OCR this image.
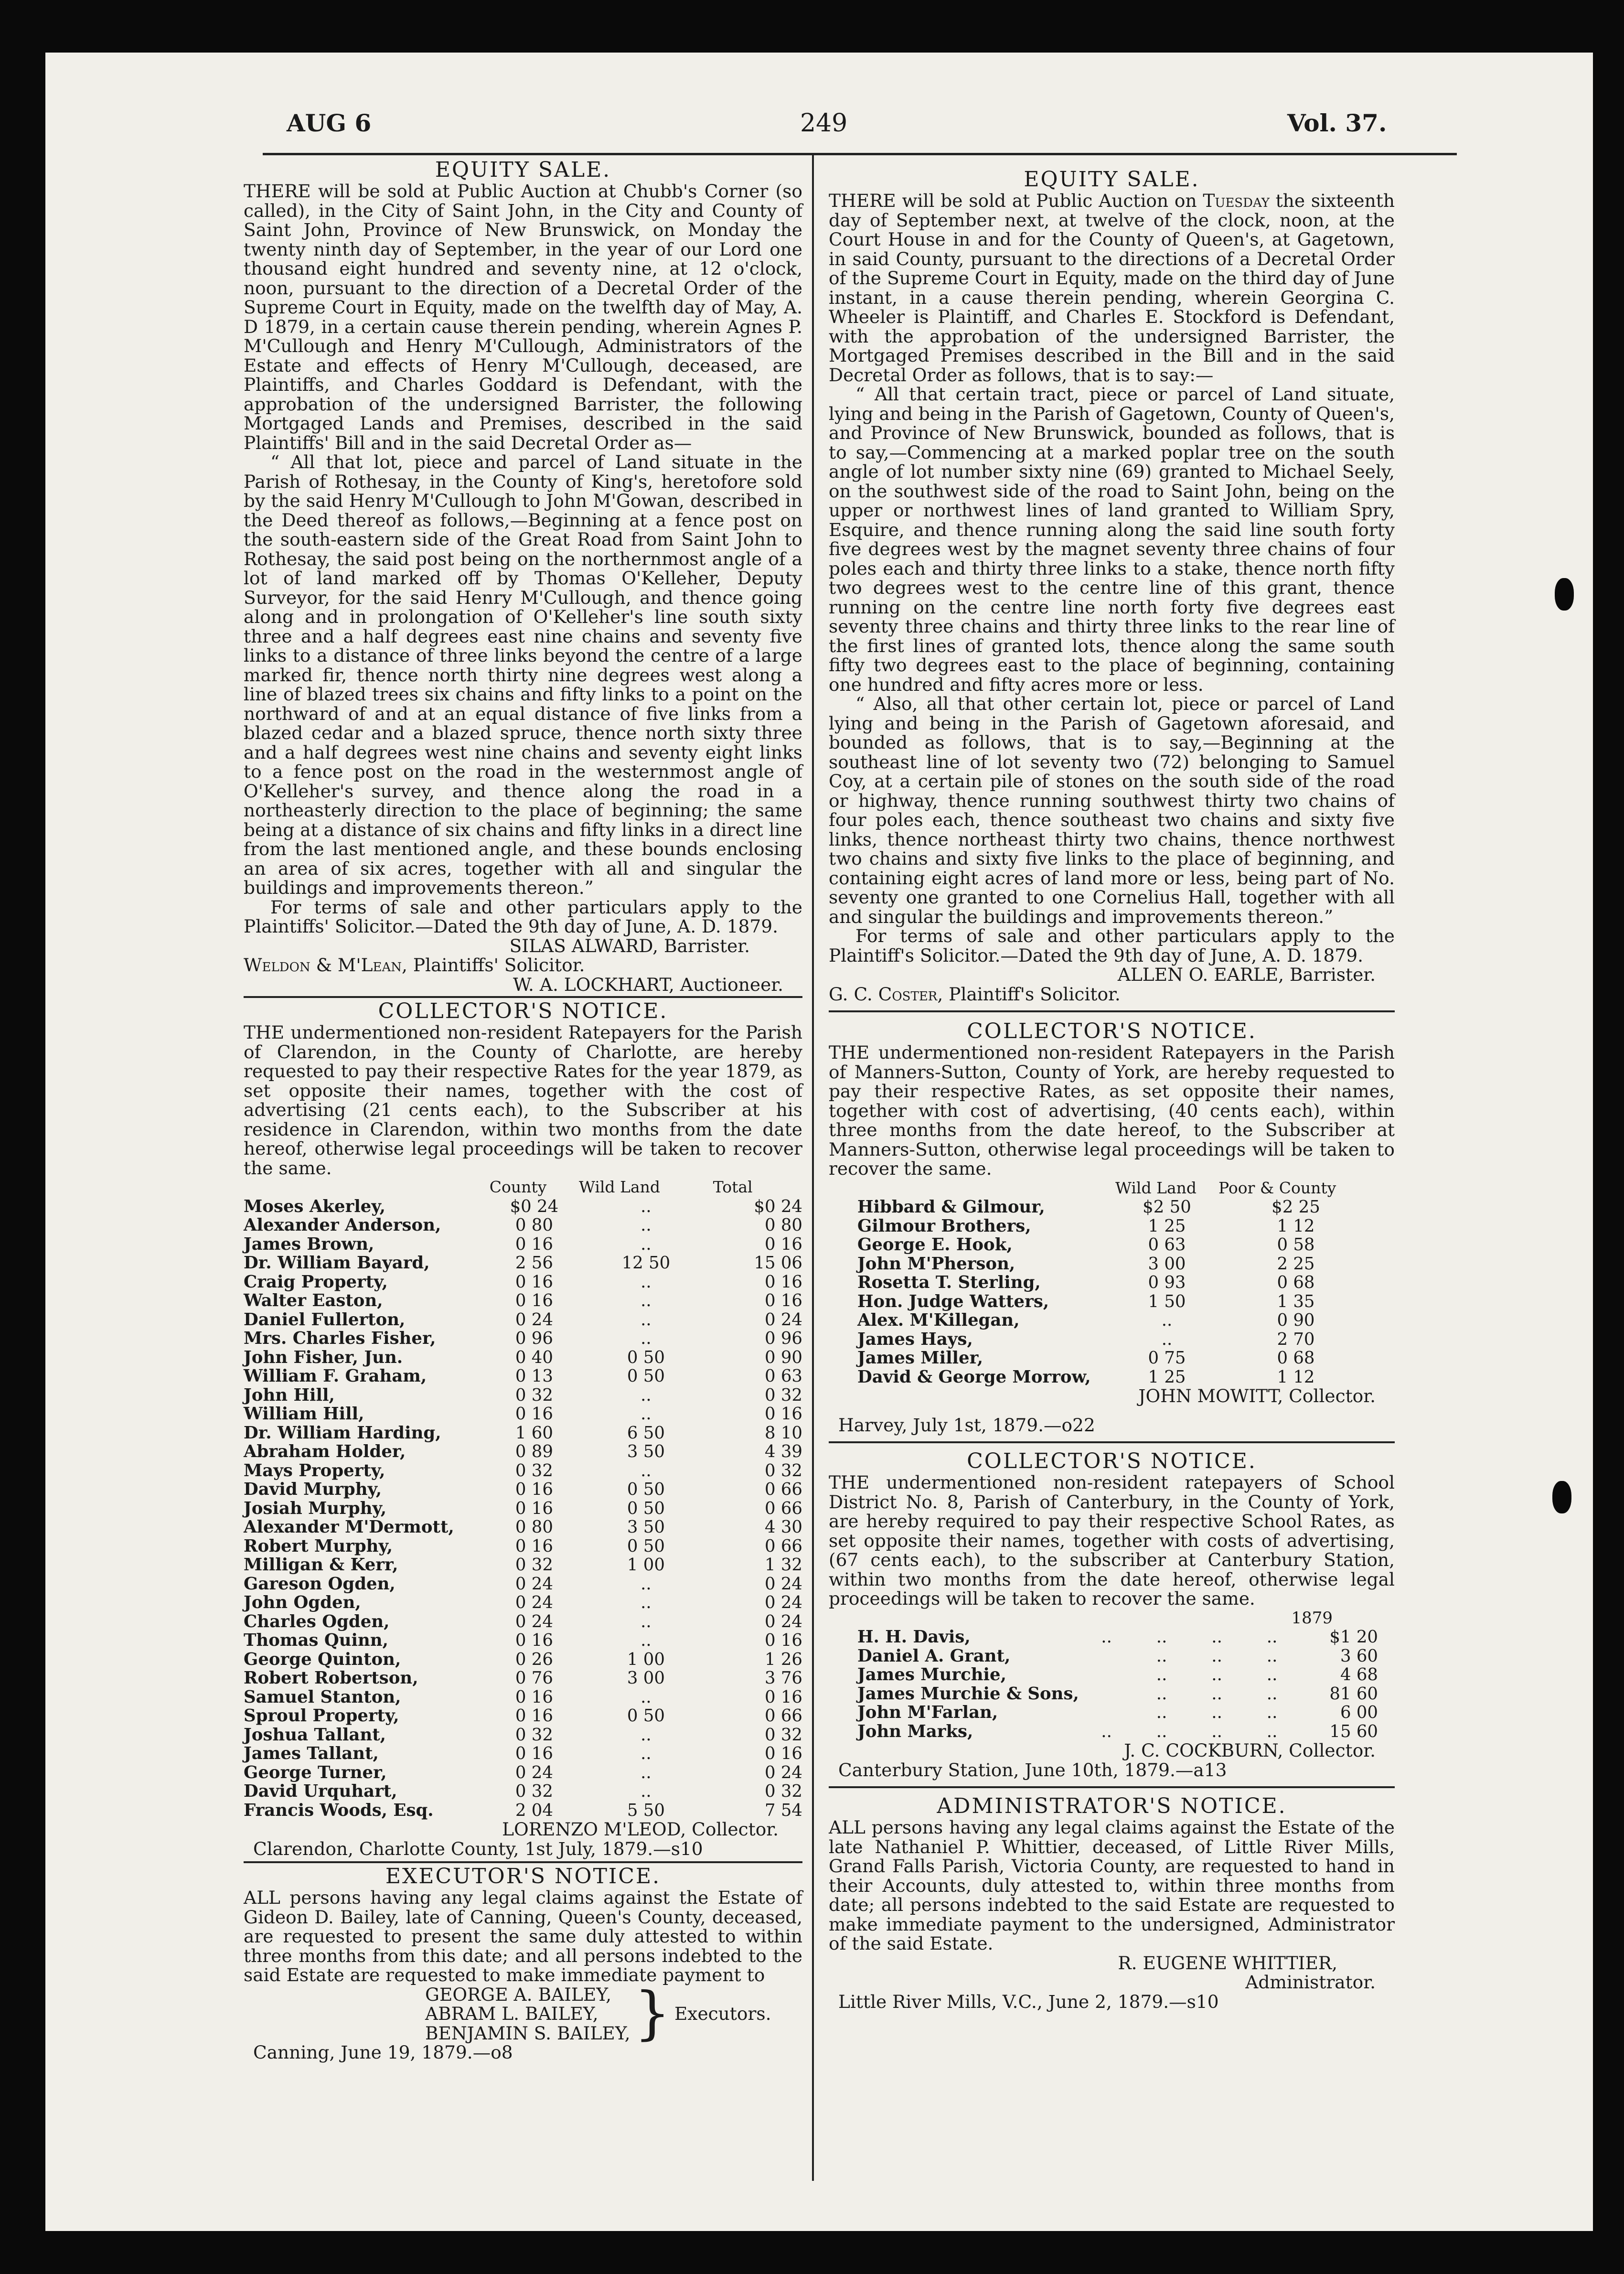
AUG 6	249	Vol. 37.

EQUITY SALE.

THERE will be sold at Public Auction at Chubb's Corner (so called), in the City of Saint John, in the City and County of Saint John, Province of New Brunswick, on Monday the twenty ninth day of September, in the year of our Lord one thousand eight hundred and seventy nine, at 12 o'clock, noon, pursuant to the direction of a Decretal Order of the Supreme Court in Equity, made on the twelfth day of May, A. D 1879, in a certain cause therein pending, wherein Agnes P. M'Cullough and Henry M'Cullough, Administrators of the Estate and effects of Henry M'Cullough, deceased, are Plaintiffs, and Charles Goddard is Defendant, with the approbation of the undersigned Barrister, the following Mortgaged Lands and Premises, described in the said Plaintiffs' Bill and in the said Decretal Order as—

“ All that lot, piece and parcel of Land situate in the Parish of Rothesay, in the County of King's, heretofore sold by the said Henry M'Cullough to John M'Gowan, described in the Deed thereof as follows,—Beginning at a fence post on the south-eastern side of the Great Road from Saint John to Rothesay, the said post being on the northernmost angle of a lot of land marked off by Thomas O'Kelleher, Deputy Surveyor, for the said Henry M'Cullough, and thence going along and in prolongation of O'Kelleher's line south sixty three and a half degrees east nine chains and seventy five links to a distance of three links beyond the centre of a large marked fir, thence north thirty nine degrees west along a line of blazed trees six chains and fifty links to a point on the northward of and at an equal distance of five links from a blazed cedar and a blazed spruce, thence north sixty three and a half degrees west nine chains and seventy eight links to a fence post on the road in the westernmost angle of O'Kelleher's survey, and thence along the road in a northeasterly direction to the place of beginning; the same being at a distance of six chains and fifty links in a direct line from the last mentioned angle, and these bounds enclosing an area of six acres, together with all and singular the buildings and improvements thereon.”

For terms of sale and other particulars apply to the Plaintiffs' Solicitor.—Dated the 9th day of June, A. D. 1879.

SILAS ALWARD, Barrister.

Weldon & M'Lean, Plaintiffs' Solicitor.

W. A. LOCKHART, Auctioneer.

COLLECTOR'S NOTICE.

THE undermentioned non-resident Ratepayers for the Parish of Clarendon, in the County of Charlotte, are hereby requested to pay their respective Rates for the year 1879, as set opposite their names, together with the cost of advertising (21 cents each), to the Subscriber at his residence in Clarendon, within two months from the date hereof, otherwise legal proceedings will be taken to recover the same.

	County	Wild Land	Total
Moses Akerley,	$0 24	..	$0 24
Alexander Anderson,	0 80	..	0 80
James Brown,	0 16	..	0 16
Dr. William Bayard,	2 56	12 50	15 06
Craig Property,	0 16	..	0 16
Walter Easton,	0 16	..	0 16
Daniel Fullerton,	0 24	..	0 24
Mrs. Charles Fisher,	0 96	..	0 96
John Fisher, Jun.	0 40	0 50	0 90
William F. Graham,	0 13	0 50	0 63
John Hill,	0 32	..	0 32
William Hill,	0 16	..	0 16
Dr. William Harding,	1 60	6 50	8 10
Abraham Holder,	0 89	3 50	4 39
Mays Property,	0 32	..	0 32
David Murphy,	0 16	0 50	0 66
Josiah Murphy,	0 16	0 50	0 66
Alexander M'Dermott,	0 80	3 50	4 30
Robert Murphy,	0 16	0 50	0 66
Milligan & Kerr,	0 32	1 00	1 32
Gareson Ogden,	0 24	..	0 24
John Ogden,	0 24	..	0 24
Charles Ogden,	0 24	..	0 24
Thomas Quinn,	0 16	..	0 16
George Quinton,	0 26	1 00	1 26
Robert Robertson,	0 76	3 00	3 76
Samuel Stanton,	0 16	..	0 16
Sproul Property,	0 16	0 50	0 66
Joshua Tallant,	0 32	..	0 32
James Tallant,	0 16	..	0 16
George Turner,	0 24	..	0 24
David Urquhart,	0 32	..	0 32
Francis Woods, Esq.	2 04	5 50	7 54

LORENZO M'LEOD, Collector.

Clarendon, Charlotte County, 1st July, 1879.—s10

EXECUTOR'S NOTICE.

ALL persons having any legal claims against the Estate of Gideon D. Bailey, late of Canning, Queen's County, deceased, are requested to present the same duly attested to within three months from this date; and all persons indebted to the said Estate are requested to make immediate payment to

GEORGE A. BAILEY,

ABRAM L. BAILEY,

BENJAMIN S. BAILEY, } Executors.

Canning, June 19, 1879.—o8

EQUITY SALE.

THERE will be sold at Public Auction on Tuesday the sixteenth day of September next, at twelve of the clock, noon, at the Court House in and for the County of Queen's, at Gagetown, in said County, pursuant to the directions of a Decretal Order of the Supreme Court in Equity, made on the third day of June instant, in a cause therein pending, wherein Georgina C. Wheeler is Plaintiff, and Charles E. Stockford is Defendant, with the approbation of the undersigned Barrister, the Mortgaged Premises described in the Bill and in the said Decretal Order as follows, that is to say:—

“ All that certain tract, piece or parcel of Land situate, lying and being in the Parish of Gagetown, County of Queen's, and Province of New Brunswick, bounded as follows, that is to say,—Commencing at a marked poplar tree on the south angle of lot number sixty nine (69) granted to Michael Seely, on the southwest side of the road to Saint John, being on the upper or northwest lines of land granted to William Spry, Esquire, and thence running along the said line south forty five degrees west by the magnet seventy three chains of four poles each and thirty three links to a stake, thence north fifty two degrees west to the centre line of this grant, thence running on the centre line north forty five degrees east seventy three chains and thirty three links to the rear line of the first lines of granted lots, thence along the same south fifty two degrees east to the place of beginning, containing one hundred and fifty acres more or less.

“ Also, all that other certain lot, piece or parcel of Land lying and being in the Parish of Gagetown aforesaid, and bounded as follows, that is to say,—Beginning at the southeast line of lot seventy two (72) belonging to Samuel Coy, at a certain pile of stones on the south side of the road or highway, thence running southwest thirty two chains of four poles each, thence southeast two chains and sixty five links, thence northeast thirty two chains, thence northwest two chains and sixty five links to the place of beginning, and containing eight acres of land more or less, being part of No. seventy one granted to one Cornelius Hall, together with all and singular the buildings and improvements thereon.”

For terms of sale and other particulars apply to the Plaintiff's Solicitor.—Dated the 9th day of June, A. D. 1879.

ALLEN O. EARLE, Barrister.

G. C. Coster, Plaintiff's Solicitor.

COLLECTOR'S NOTICE.

THE undermentioned non-resident Ratepayers in the Parish of Manners-Sutton, County of York, are hereby requested to pay their respective Rates, as set opposite their names, together with cost of advertising, (40 cents each), within three months from the date hereof, to the Subscriber at Manners-Sutton, otherwise legal proceedings will be taken to recover the same.

	Wild Land	Poor & County
Hibbard & Gilmour,	$2 50	$2 25
Gilmour Brothers,	1 25	1 12
George E. Hook,	0 63	0 58
John M'Pherson,	3 00	2 25
Rosetta T. Sterling,	0 93	0 68
Hon. Judge Watters,	1 50	1 35
Alex. M'Killegan,	..	0 90
James Hays,	..	2 70
James Miller,	0 75	0 68
David & George Morrow,	1 25	1 12

JOHN MOWITT, Collector.

Harvey, July 1st, 1879.—o22

COLLECTOR'S NOTICE.

THE undermentioned non-resident ratepayers of School District No. 8, Parish of Canterbury, in the County of York, are hereby required to pay their respective School Rates, as set opposite their names, together with costs of advertising, (67 cents each), to the subscriber at Canterbury Station, within two months from the date hereof, otherwise legal proceedings will be taken to recover the same.

1879

H. H. Davis,	..	..	..	..	$1 20
Daniel A. Grant,		..	..	..	3 60
James Murchie,		..	..	..	4 68
James Murchie & Sons,		..	..	..	81 60
John M'Farlan,		..	..	..	6 00
John Marks,	..	..	..	..	15 60

J. C. COCKBURN, Collector.

Canterbury Station, June 10th, 1879.—a13

ADMINISTRATOR'S NOTICE.

ALL persons having any legal claims against the Estate of the late Nathaniel P. Whittier, deceased, of Little River Mills, Grand Falls Parish, Victoria County, are requested to hand in their Accounts, duly attested to, within three months from date; all persons indebted to the said Estate are requested to make immediate payment to the undersigned, Administrator of the said Estate.

R. EUGENE WHITTIER,

Administrator.

Little River Mills, V.C., June 2, 1879.—s10
